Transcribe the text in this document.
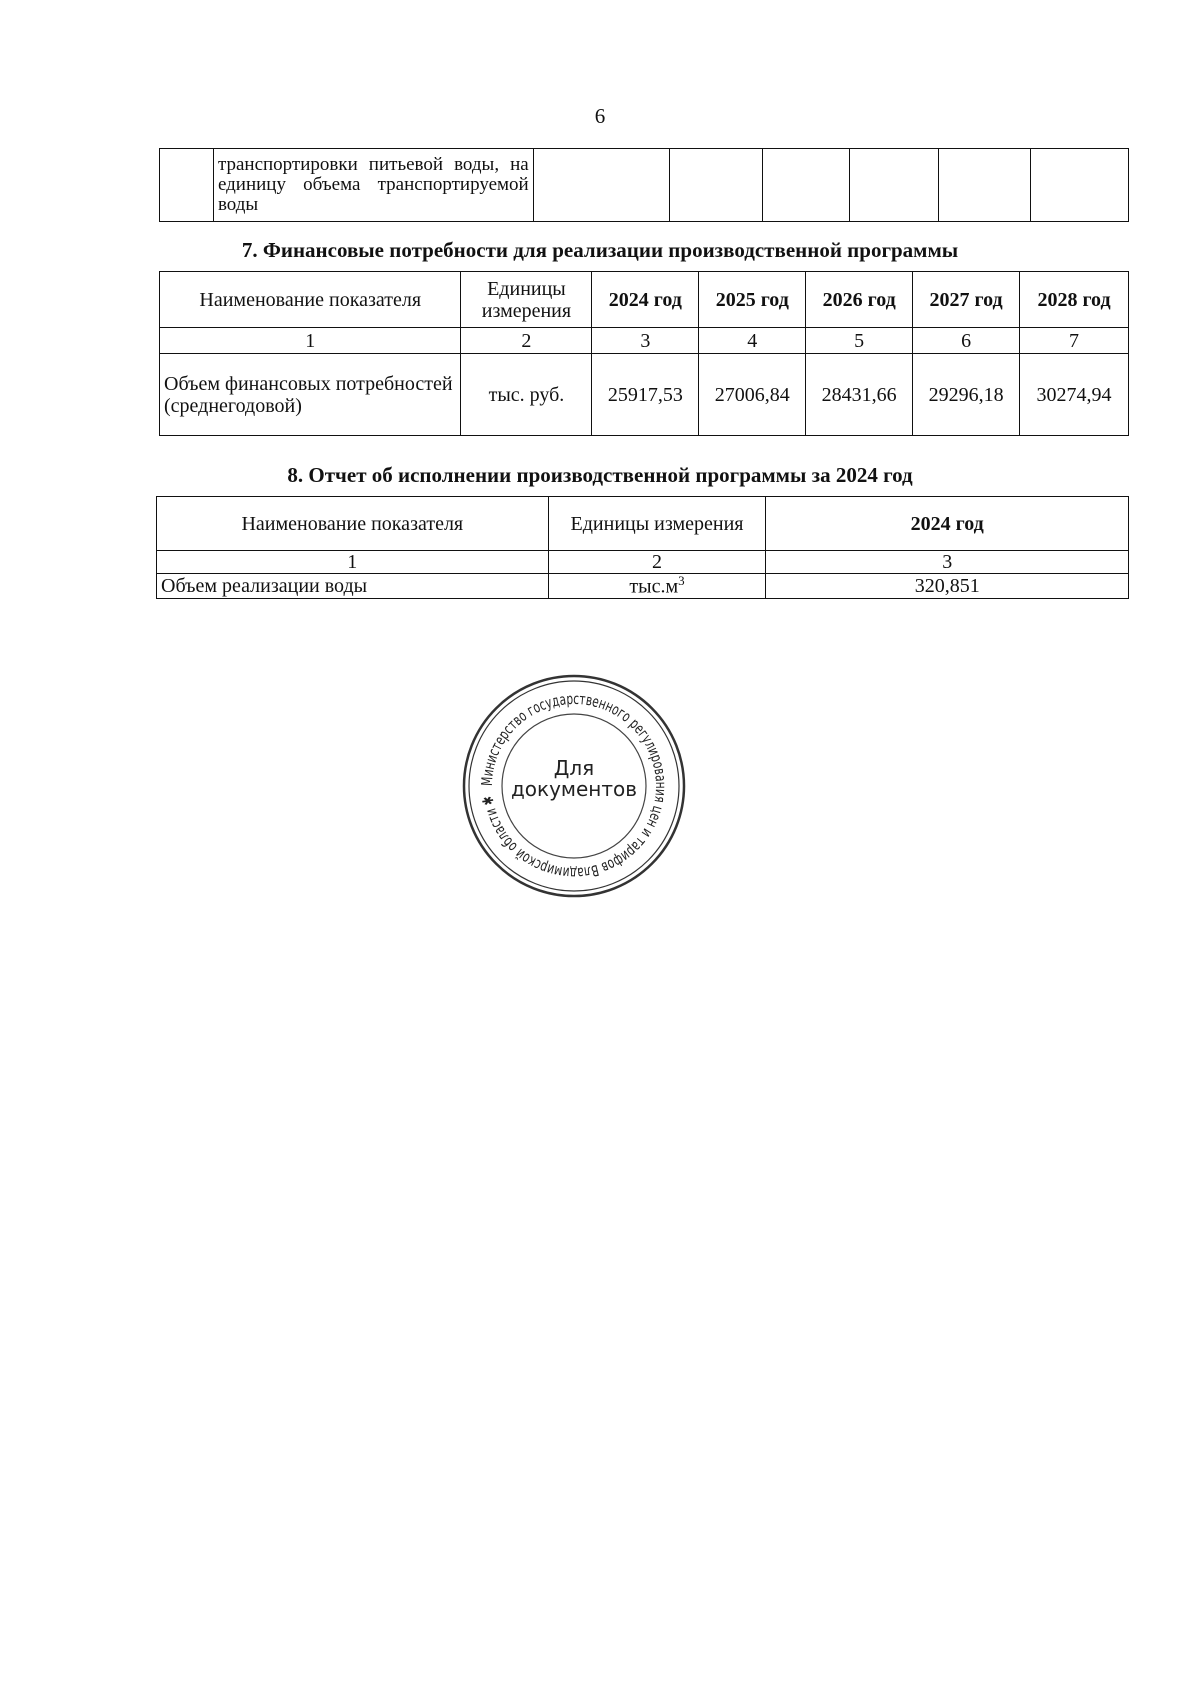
6
	транспортировки питьевой воды, на единицу объема транспортируемой воды						
7. Финансовые потребности для реализации производственной программы
Наименование показателя	Единицы измерения	2024 год	2025 год	2026 год	2027 год	2028 год
1	2	3	4	5	6	7
Объем финансовых потребностей (среднегодовой)	тыс. руб.	25917,53	27006,84	28431,66	29296,18	30274,94
8. Отчет об исполнении производственной программы за 2024 год
Наименование показателя	Единицы измерения	2024 год
1	2	3
Объем реализации воды	$тыс.м^3$	320,851
Министерство государственного регулирования цен и тарифов Владимирской области ✱
Для
документов
